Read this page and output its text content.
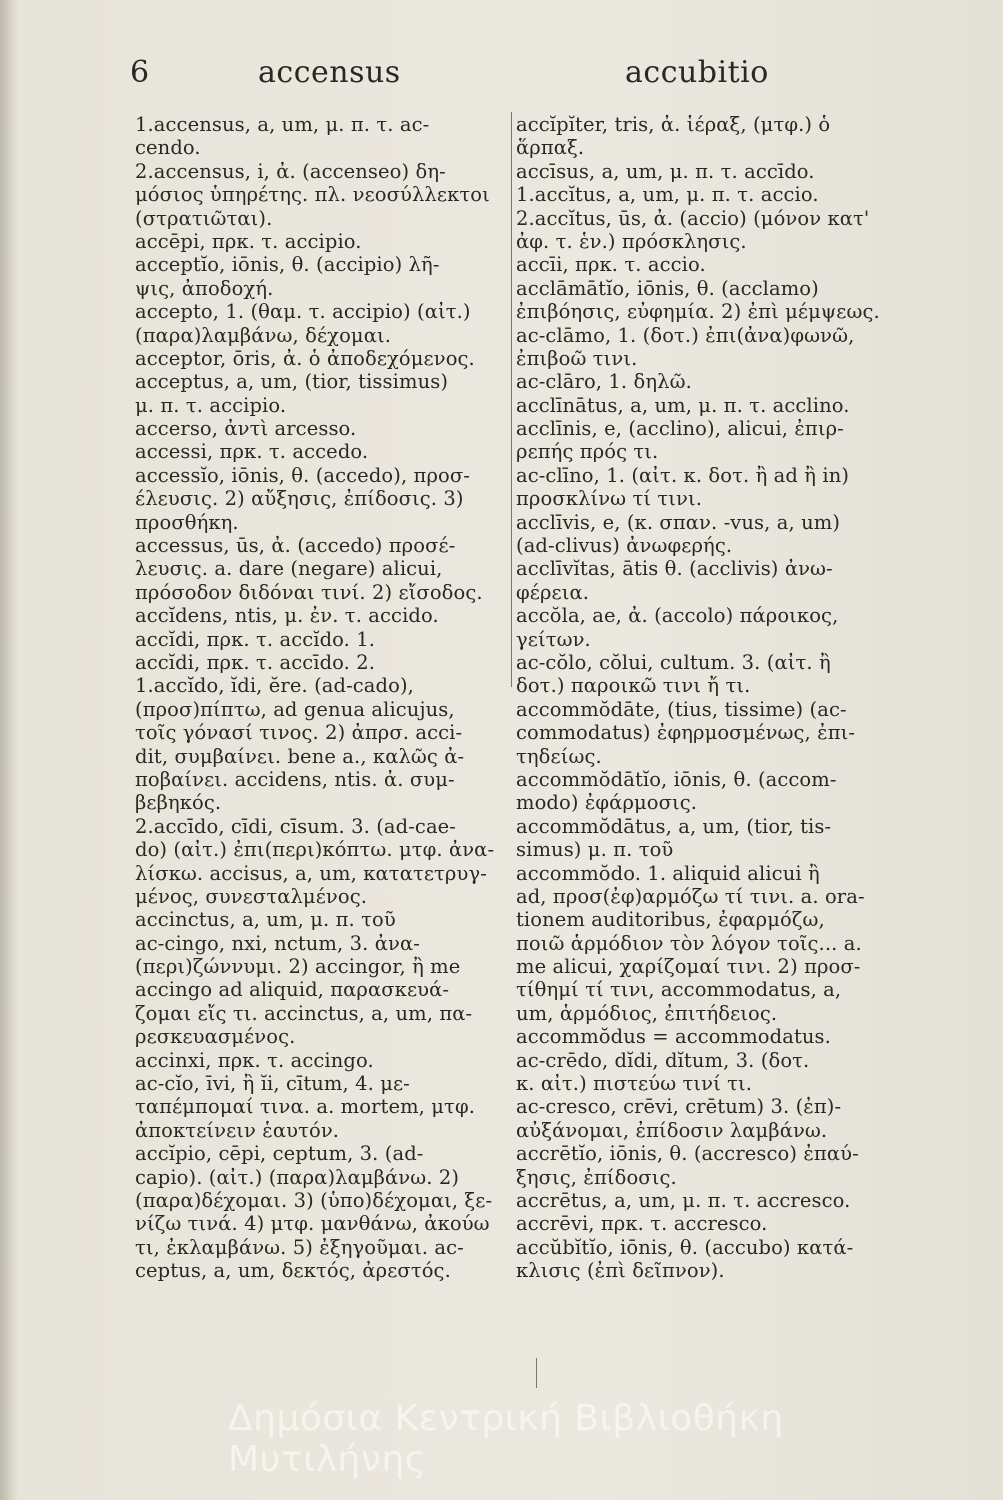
6	accensus	accubitio
1.accensus, a, um, μ. π. τ. ac-
cendo.
2.accensus, i, ἀ. (accenseo) δη-
μόσιος ὑπηρέτης. πλ. νεοσύλλεκτοι
(στρατιῶται).
accēpi, πρκ. τ. accipio.
acceptĭo, iōnis, θ. (accipio) λῆ-
ψις, ἀποδοχή.
accepto, 1. (θαμ. τ. accipio) (αἰτ.)
(παρα)λαμβάνω, δέχομαι.
acceptor, ōris, ἀ. ὁ ἀποδεχόμενος.
acceptus, a, um, (tior, tissimus)
μ. π. τ. accipio.
accerso, ἀντὶ arcesso.
accessi, πρκ. τ. accedo.
accessĭo, iōnis, θ. (accedo), προσ-
έλευσις. 2) αὔξησις, ἐπίδοσις. 3)
προσθήκη.
accessus, ūs, ἀ. (accedo) προσέ-
λευσις. a. dare (negare) alicui,
πρόσοδον διδόναι τινί. 2) εἴσοδος.
accĭdens, ntis, μ. ἐν. τ. accido.
accĭdi, πρκ. τ. accĭdo. 1.
accĭdi, πρκ. τ. accīdo. 2.
1.accĭdo, ĭdi, ĕre. (ad-cado),
(προσ)πίπτω, ad genua alicujus,
τοῖς γόνασί τινος. 2) ἀπρσ. acci-
dit, συμβαίνει. bene a., καλῶς ἀ-
ποβαίνει. accidens, ntis. ἀ. συμ-
βεβηκός.
2.accīdo, cīdi, cīsum. 3. (ad-cae-
do) (αἰτ.) ἐπι(περι)κόπτω. μτφ. ἀνα-
λίσκω. accisus, a, um, κατατετρυγ-
μένος, συνεσταλμένος.
accinctus, a, um, μ. π. τοῦ
ac-cingo, nxi, nctum, 3. ἀνα-
(περι)ζώννυμι. 2) accingor, ἢ me
accingo ad aliquid, παρασκευά-
ζομαι εἴς τι. accinctus, a, um, πα-
ρεσκευασμένος.
accinxi, πρκ. τ. accingo.
ac-cĭo, īvi, ἢ ĭi, cītum, 4. με-
ταπέμπομαί τινα. a. mortem, μτφ.
ἀποκτείνειν ἑαυτόν.
accĭpio, cēpi, ceptum, 3. (ad-
capio). (αἰτ.) (παρα)λαμβάνω. 2)
(παρα)δέχομαι. 3) (ὑπο)δέχομαι, ξε-
νίζω τινά. 4) μτφ. μανθάνω, ἀκούω
τι, ἐκλαμβάνω. 5) ἐξηγοῦμαι. ac-
ceptus, a, um, δεκτός, ἀρεστός.
accĭpĭter, tris, ἀ. ἱέραξ, (μτφ.) ὁ
ἅρπαξ.
accīsus, a, um, μ. π. τ. accīdo.
1.accĭtus, a, um, μ. π. τ. accio.
2.accĭtus, ūs, ἀ. (accio) (μόνον κατ'
ἀφ. τ. ἑν.) πρόσκλησις.
accīi, πρκ. τ. accio.
acclāmātĭo, iōnis, θ. (acclamo)
ἐπιβόησις, εὐφημία. 2) ἐπὶ μέμψεως.
ac-clāmo, 1. (δοτ.) ἐπι(ἀνα)φωνῶ,
ἐπιβοῶ τινι.
ac-clāro, 1. δηλῶ.
acclīnātus, a, um, μ. π. τ. acclino.
acclīnis, e, (acclino), alicui, ἐπιρ-
ρεπής πρός τι.
ac-clīno, 1. (αἰτ. κ. δοτ. ἢ ad ἢ in)
προσκλίνω τί τινι.
acclīvis, e, (κ. σπαν. -vus, a, um)
(ad-clivus) ἀνωφερής.
acclīvĭtas, ātis θ. (acclivis) ἀνω-
φέρεια.
accŏla, ae, ἀ. (accolo) πάροικος,
γείτων.
ac-cŏlo, cŏlui, cultum. 3. (αἰτ. ἢ
δοτ.) παροικῶ τινι ἤ τι.
accommŏdāte, (tius, tissime) (ac-
commodatus) ἐφηρμοσμένως, ἐπι-
τηδείως.
accommŏdātĭo, iōnis, θ. (accom-
modo) ἐφάρμοσις.
accommŏdātus, a, um, (tior, tis-
simus) μ. π. τοῦ
accommŏdo. 1. aliquid alicui ἢ
ad, προσ(ἐφ)αρμόζω τί τινι. a. ora-
tionem auditoribus, ἐφαρμόζω,
ποιῶ ἁρμόδιον τὸν λόγον τοῖς... a.
me alicui, χαρίζομαί τινι. 2) προσ-
τίθημί τί τινι, accommodatus, a,
um, ἁρμόδιος, ἐπιτήδειος.
accommŏdus = accommodatus.
ac-crēdo, dĭdi, dĭtum, 3. (δοτ.
κ. αἰτ.) πιστεύω τινί τι.
ac-cresco, crēvi, crētum) 3. (ἐπ)-
αὐξάνομαι, ἐπίδοσιν λαμβάνω.
accrētĭo, iōnis, θ. (accresco) ἐπαύ-
ξησις, ἐπίδοσις.
accrētus, a, um, μ. π. τ. accresco.
accrēvi, πρκ. τ. accresco.
accŭbĭtĭo, iōnis, θ. (accubo) κατά-
κλισις (ἐπὶ δεῖπνον).
Δημόσια Κεντρική Βιβλιοθήκη Μυτιλήνης
